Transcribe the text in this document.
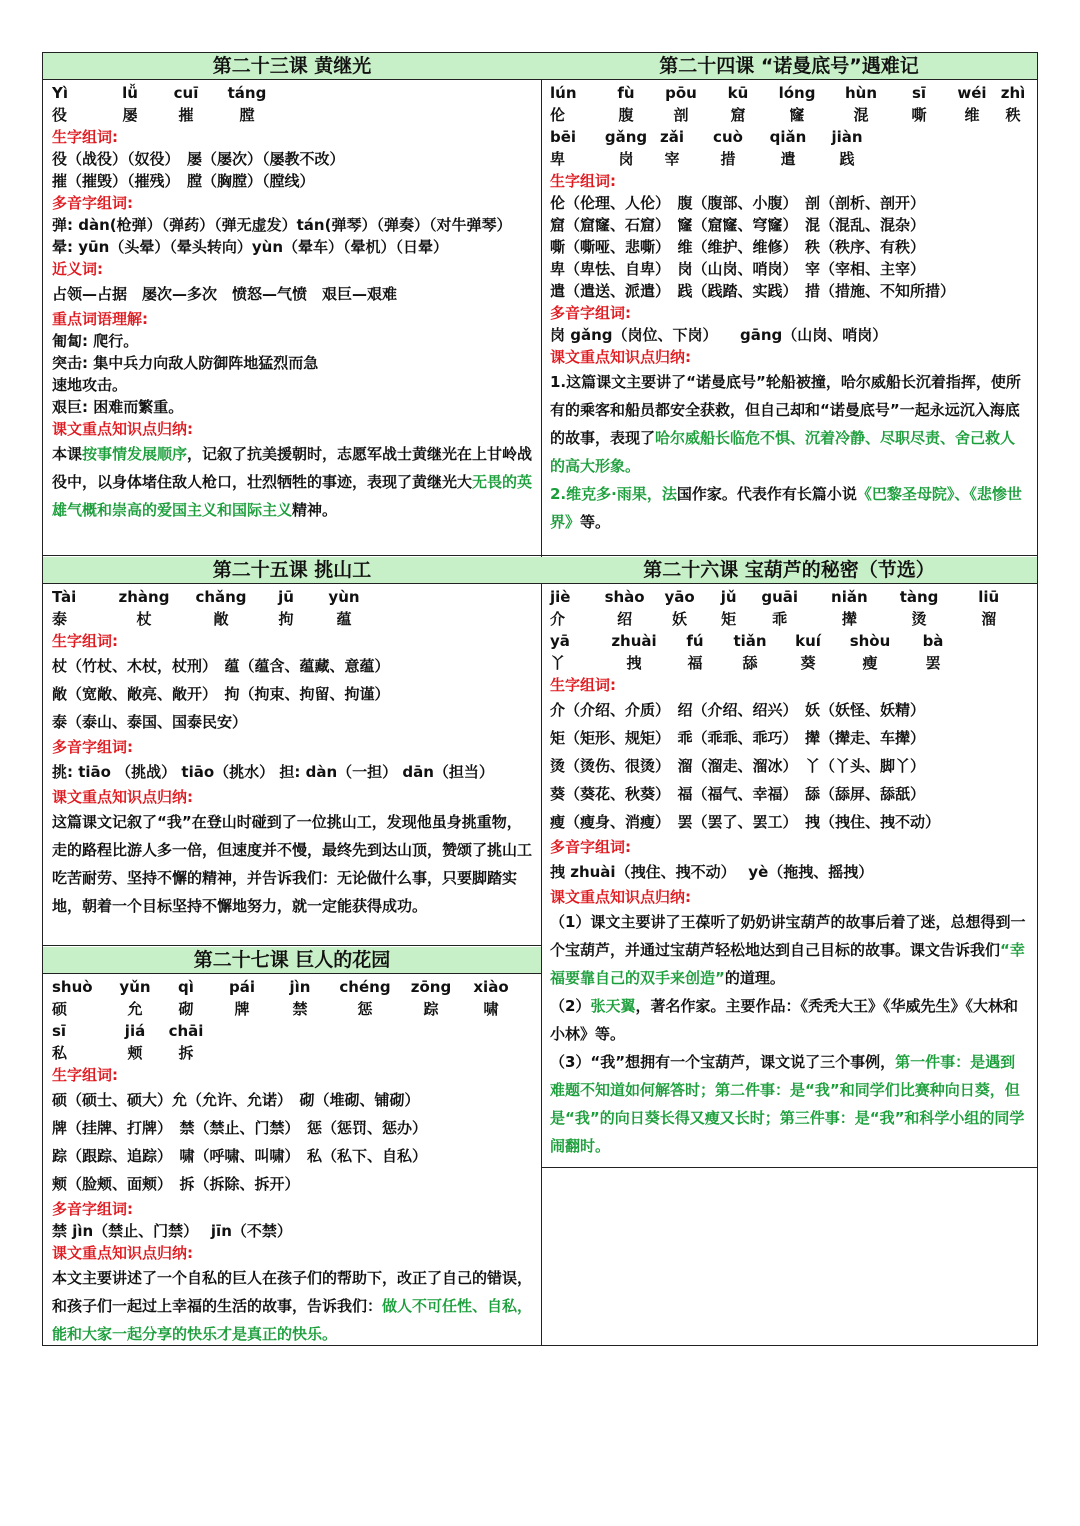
第二十三课 黄继光
Yì	lǚ	cuī	táng
役	屡	摧	膛
生字组词:
役（战役）（奴役）　屡（屡次）（屡教不改）
摧（摧毁）（摧残）　膛（胸膛）（膛线）
多音字组词:
弹: dàn(枪弹）（弹药）（弹无虚发）tán(弹琴）（弹奏）（对牛弹琴）
晕: yūn（头晕）（晕头转向）yùn（晕车）（晕机）（日晕）
近义词:
占领—占据　屡次—多次　愤怒—气愤　艰巨—艰难
重点词语理解:
匍匐: 爬行。
突击: 集中兵力向敌人防御阵地猛烈而急
速地攻击。
艰巨: 困难而繁重。
课文重点知识点归纳:
本课按事情发展顺序，记叙了抗美援朝时，志愿军战士黄继光在上甘岭战役中，以身体堵住敌人枪口，壮烈牺牲的事迹，表现了黄继光大无畏的英雄气概和崇高的爱国主义和国际主义精神。
第二十五课 挑山工
Tài	zhàng	chǎng	jū	yùn
泰	杖	敞	拘	蕴
生字组词:
杖（竹杖、木杖，杖刑）　蕴（蕴含、蕴藏、意蕴）
敞（宽敞、敞亮、敞开）　拘（拘束、拘留、拘谨）
泰（泰山、泰国、国泰民安）
多音字组词:
挑: tiāo （挑战） tiāo（挑水） 担: dàn（一担） dān（担当）
课文重点知识点归纳:
这篇课文记叙了“我”在登山时碰到了一位挑山工，发现他虽身挑重物，走的路程比游人多一倍，但速度并不慢，最终先到达山顶，赞颂了挑山工吃苦耐劳、坚持不懈的精神，并告诉我们：无论做什么事，只要脚踏实地，朝着一个目标坚持不懈地努力，就一定能获得成功。
第二十七课 巨人的花园
shuò	yǔn	qì	pái	jìn	chéng	zōng	xiào
硕	允	砌	牌	禁	惩	踪	啸
sī	jiá	chāi
私	颊	拆
生字组词:
硕（硕士、硕大）允（允许、允诺）　砌（堆砌、铺砌）
牌（挂牌、打牌）　禁（禁止、门禁）　惩（惩罚、惩办）
踪（跟踪、追踪）　啸（呼啸、叫啸）　私（私下、自私）
颊（脸颊、面颊）　拆（拆除、拆开）
多音字组词:
禁 jìn（禁止、门禁）　 jīn（不禁）
课文重点知识点归纳:
本文主要讲述了一个自私的巨人在孩子们的帮助下，改正了自己的错误，和孩子们一起过上幸福的生活的故事，告诉我们：做人不可任性、自私，能和大家一起分享的快乐才是真正的快乐。
第二十四课 “诺曼底号”遇难记
lún	fù	pōu	kū	lóng	hùn	sī	wéi zhì
伦	腹	剖	窟	窿	混	嘶	维	秩
bēi	gǎng zǎi	cuò	qiǎn	jiàn
卑	岗	宰	措	遣	践
生字组词:
伦（伦理、人伦）　腹（腹部、小腹）　剖（剖析、剖开）
窟（窟窿、石窟）　窿（窟窿、穹窿）　混（混乱、混杂）
嘶（嘶哑、悲嘶）　维（维护、维修）　秩（秩序、有秩）
卑（卑怯、自卑）　岗（山岗、哨岗）　宰（宰相、主宰）
遣（遣送、派遣）　践（践踏、实践）　措（措施、不知所措）
多音字组词:
岗 gǎng（岗位、下岗）　　gāng（山岗、哨岗）
课文重点知识点归纳:
1.这篇课文主要讲了“诺曼底号”轮船被撞，哈尔威船长沉着指挥，使所有的乘客和船员都安全获救，但自己却和“诺曼底号”一起永远沉入海底的故事，表现了哈尔威船长临危不惧、沉着冷静、尽职尽责、舍己救人的高大形象。
2.维克多·雨果，法国作家。代表作有长篇小说《巴黎圣母院》、《悲惨世界》等。
第二十六课 宝葫芦的秘密（节选）
jiè	shào	yāo	jǔ	guāi	niǎn	tàng	liū
介	绍	妖	矩	乖	撵	烫	溜
yā	zhuài	fú	tiǎn	kuí	shòu	bà
丫	拽	福	舔	葵	瘦	罢
生字组词:
介（介绍、介质）　绍（介绍、绍兴）　妖（妖怪、妖精）
矩（矩形、规矩）　乖（乖乖、乖巧）　撵（撵走、车撵）
烫（烫伤、很烫）　溜（溜走、溜冰）　丫（丫头、脚丫）
葵（葵花、秋葵）　福（福气、幸福）　舔（舔屏、舔舐）
瘦（瘦身、消瘦）　罢（罢了、罢工）　拽（拽住、拽不动）
多音字组词:
拽 zhuài（拽住、拽不动）　 yè（拖拽、摇拽）
课文重点知识点归纳:
（1）课文主要讲了王葆听了奶奶讲宝葫芦的故事后着了迷，总想得到一个宝葫芦，并通过宝葫芦轻松地达到自己目标的故事。课文告诉我们“幸福要靠自己的双手来创造”的道理。
（2）张天翼，著名作家。主要作品：《秃秃大王》《华威先生》《大林和小林》等。
（3）“我”想拥有一个宝葫芦，课文说了三个事例，第一件事：是遇到难题不知道如何解答时；第二件事：是“我”和同学们比赛种向日葵，但是“我”的向日葵长得又瘦又长时；第三件事：是“我”和科学小组的同学闹翻时。
